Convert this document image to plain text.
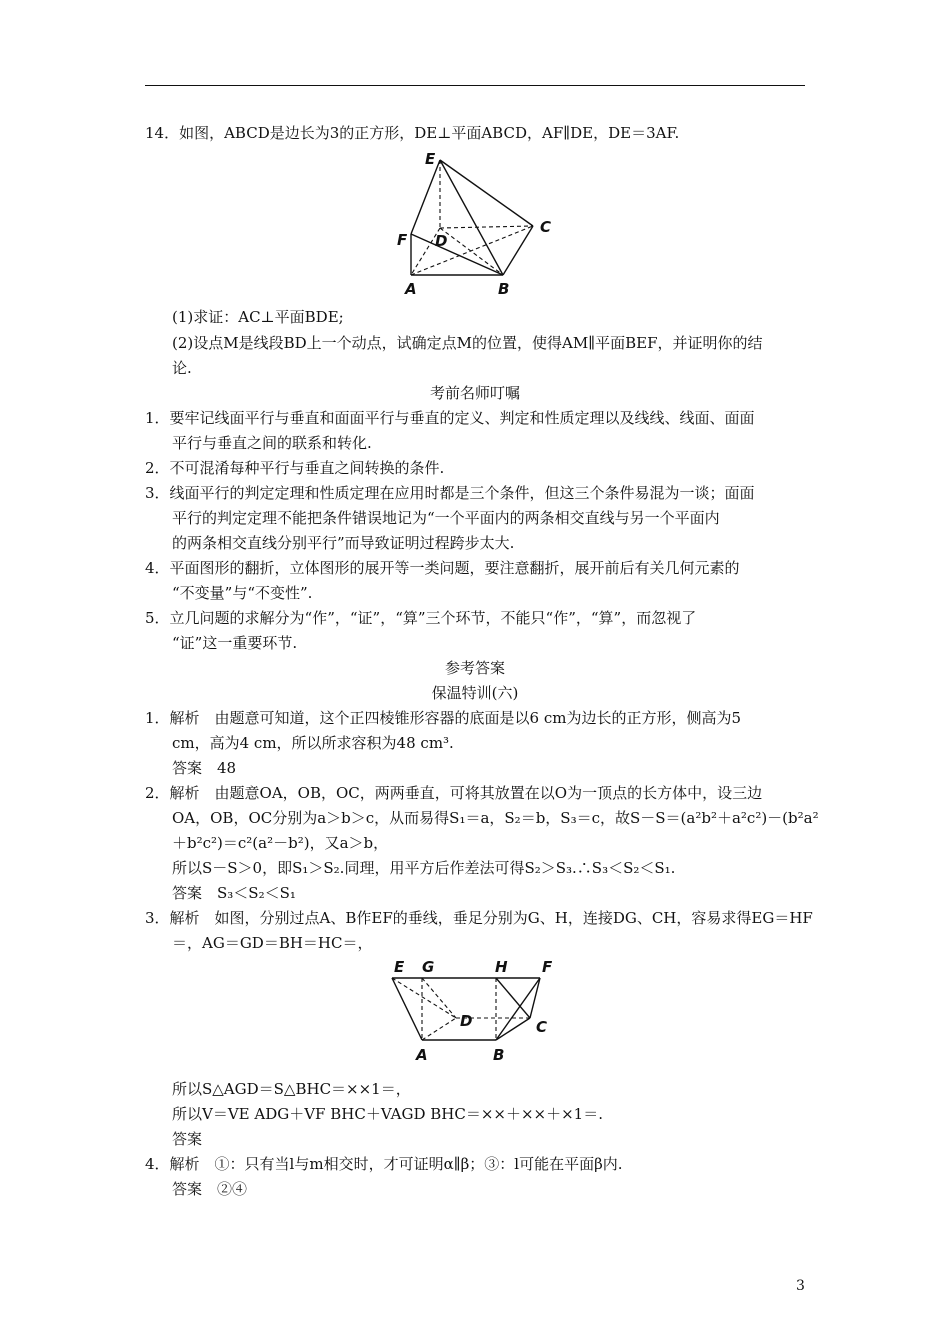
14．如图，ABCD是边长为3的正方形，DE⊥平面ABCD，AF∥DE，DE＝3AF.
E
F D
C
A	B
(1)求证：AC⊥平面BDE;
(2)设点M是线段BD上一个动点，试确定点M的位置，使得AM∥平面BEF，并证明你的结
论.
考前名师叮嘱
1．要牢记线面平行与垂直和面面平行与垂直的定义、判定和性质定理以及线线、线面、面面
平行与垂直之间的联系和转化.
2．不可混淆每种平行与垂直之间转换的条件.
3．线面平行的判定定理和性质定理在应用时都是三个条件，但这三个条件易混为一谈；面面
平行的判定定理不能把条件错误地记为“一个平面内的两条相交直线与另一个平面内
的两条相交直线分别平行”而导致证明过程跨步太大.
4．平面图形的翻折，立体图形的展开等一类问题，要注意翻折，展开前后有关几何元素的
“不变量”与“不变性”.
5．立几问题的求解分为“作”，“证”，“算”三个环节，不能只“作”，“算”，而忽视了
“证”这一重要环节.
参考答案
保温特训(六)
1．解析　由题意可知道，这个正四棱锥形容器的底面是以6 cm为边长的正方形，侧高为5
cm，高为4 cm，所以所求容积为48 cm³.
答案　48
2．解析　由题意OA，OB，OC，两两垂直，可将其放置在以O为一顶点的长方体中，设三边
OA，OB，OC分别为a＞b＞c，从而易得S₁＝a，S₂＝b，S₃＝c，故S－S＝(a²b²＋a²c²)－(b²a²
＋b²c²)＝c²(a²－b²)，又a＞b，
所以S－S＞0，即S₁＞S₂.同理，用平方后作差法可得S₂＞S₃.∴S₃＜S₂＜S₁.
答案　S₃＜S₂＜S₁
3．解析　如图，分别过点A、B作EF的垂线，垂足分别为G、H，连接DG、CH，容易求得EG＝HF
＝，AG＝GD＝BH＝HC＝，
E G	H F
D	C
A	B
所以S△AGD＝S△BHC＝××1＝，
所以V＝VE ADG＋VF BHC＋VAGD BHC＝××＋××＋×1＝.
答案
4．解析　①：只有当l与m相交时，才可证明α∥β；③：l可能在平面β内.
答案　②④
3
